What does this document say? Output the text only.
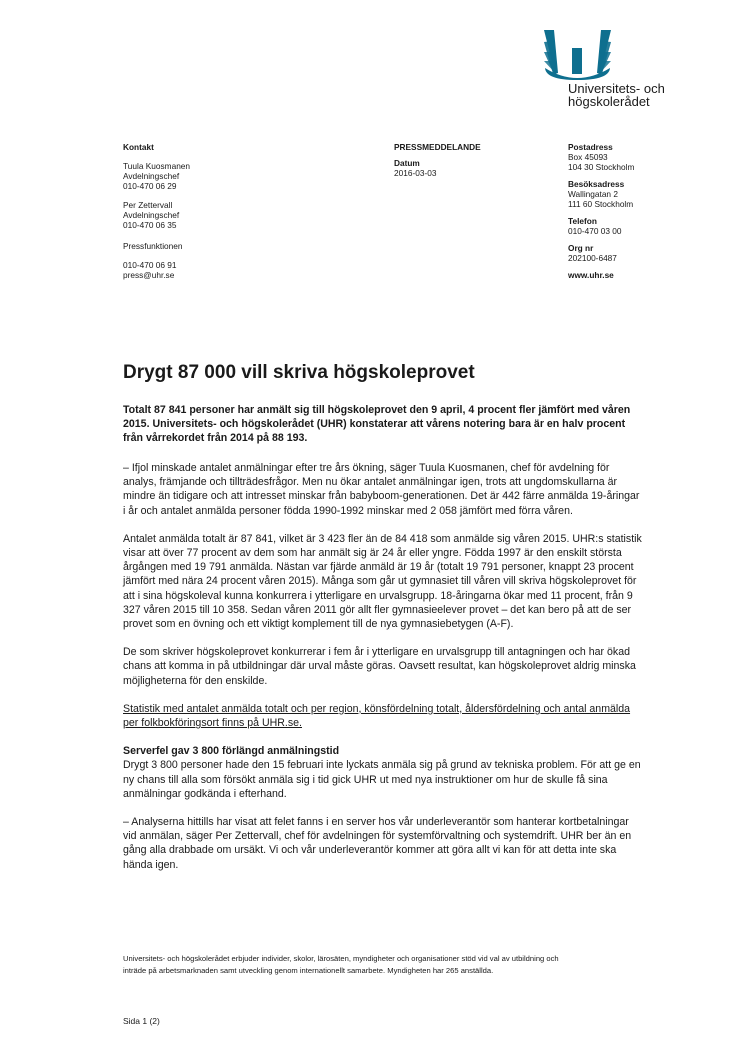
Universitets- och
högskolerådet

Kontakt

Tuula Kuosmanen

Avdelningschef

010-470 06 29

Per Zettervall

Avdelningschef

010-470 06 35

Pressfunktionen

010-470 06 91

press@uhr.se

PRESSMEDDELANDE

Datum

2016-03-03

Postadress

Box 45093

104 30 Stockholm

Besöksadress

Wallingatan 2

111 60 Stockholm

Telefon

010-470 03 00

Org nr

202100-6487

www.uhr.se

Drygt 87 000 vill skriva högskoleprovet

Totalt 87 841 personer har anmält sig till högskoleprovet den 9 april, 4 procent fler jämfört med våren 2015. Universitets- och högskolerådet (UHR) konstaterar att vårens notering bara är en halv procent från vårrekordet från 2014 på 88 193.

– Ifjol minskade antalet anmälningar efter tre års ökning, säger Tuula Kuosmanen, chef för avdelning för analys, främjande och tillträdesfrågor. Men nu ökar antalet anmälningar igen, trots att ungdomskullarna är mindre än tidigare och att intresset minskar från babyboom-generationen. Det är 442 färre anmälda 19-åringar i år och antalet anmälda personer födda 1990-1992 minskar med 2 058 jämfört med förra våren.

Antalet anmälda totalt är 87 841, vilket är 3 423 fler än de 84 418 som anmälde sig våren 2015. UHR:s statistik visar att över 77 procent av dem som har anmält sig är 24 år eller yngre. Födda 1997 är den enskilt största årgången med 19 791 anmälda. Nästan var fjärde anmäld är 19 år (totalt 19 791 personer, knappt 23 procent jämfört med nära 24 procent våren 2015). Många som går ut gymnasiet till våren vill skriva högskoleprovet för att i sina högskoleval kunna konkurrera i ytterligare en urvalsgrupp. 18-åringarna ökar med 11 procent, från 9 327 våren 2015 till 10 358. Sedan våren 2011 gör allt fler gymnasieelever provet – det kan bero på att de ser provet som en övning och ett viktigt komplement till de nya gymnasiebetygen (A-F).

De som skriver högskoleprovet konkurrerar i fem år i ytterligare en urvalsgrupp till antagningen och har ökad chans att komma in på utbildningar där urval måste göras. Oavsett resultat, kan högskoleprovet aldrig minska möjligheterna för den enskilde.

Statistik med antalet anmälda totalt och per region, könsfördelning totalt, åldersfördelning och antal anmälda per folkbokföringsort finns på UHR.se.

Serverfel gav 3 800 förlängd anmälningstid

Drygt 3 800 personer hade den 15 februari inte lyckats anmäla sig på grund av tekniska problem. För att ge en ny chans till alla som försökt anmäla sig i tid gick UHR ut med nya instruktioner om hur de skulle få sina anmälningar godkända i efterhand.

– Analyserna hittills har visat att felet fanns i en server hos vår underleverantör som hanterar kortbetalningar vid anmälan, säger Per Zettervall, chef för avdelningen för systemförvaltning och systemdrift. UHR ber än en gång alla drabbade om ursäkt. Vi och vår underleverantör kommer att göra allt vi kan för att detta inte ska hända igen.

Universitets- och högskolerådet erbjuder individer, skolor, lärosäten, myndigheter och organisationer stöd vid val av utbildning och inträde på arbetsmarknaden samt utveckling genom internationellt samarbete. Myndigheten har 265 anställda.
Sida 1 (2)
